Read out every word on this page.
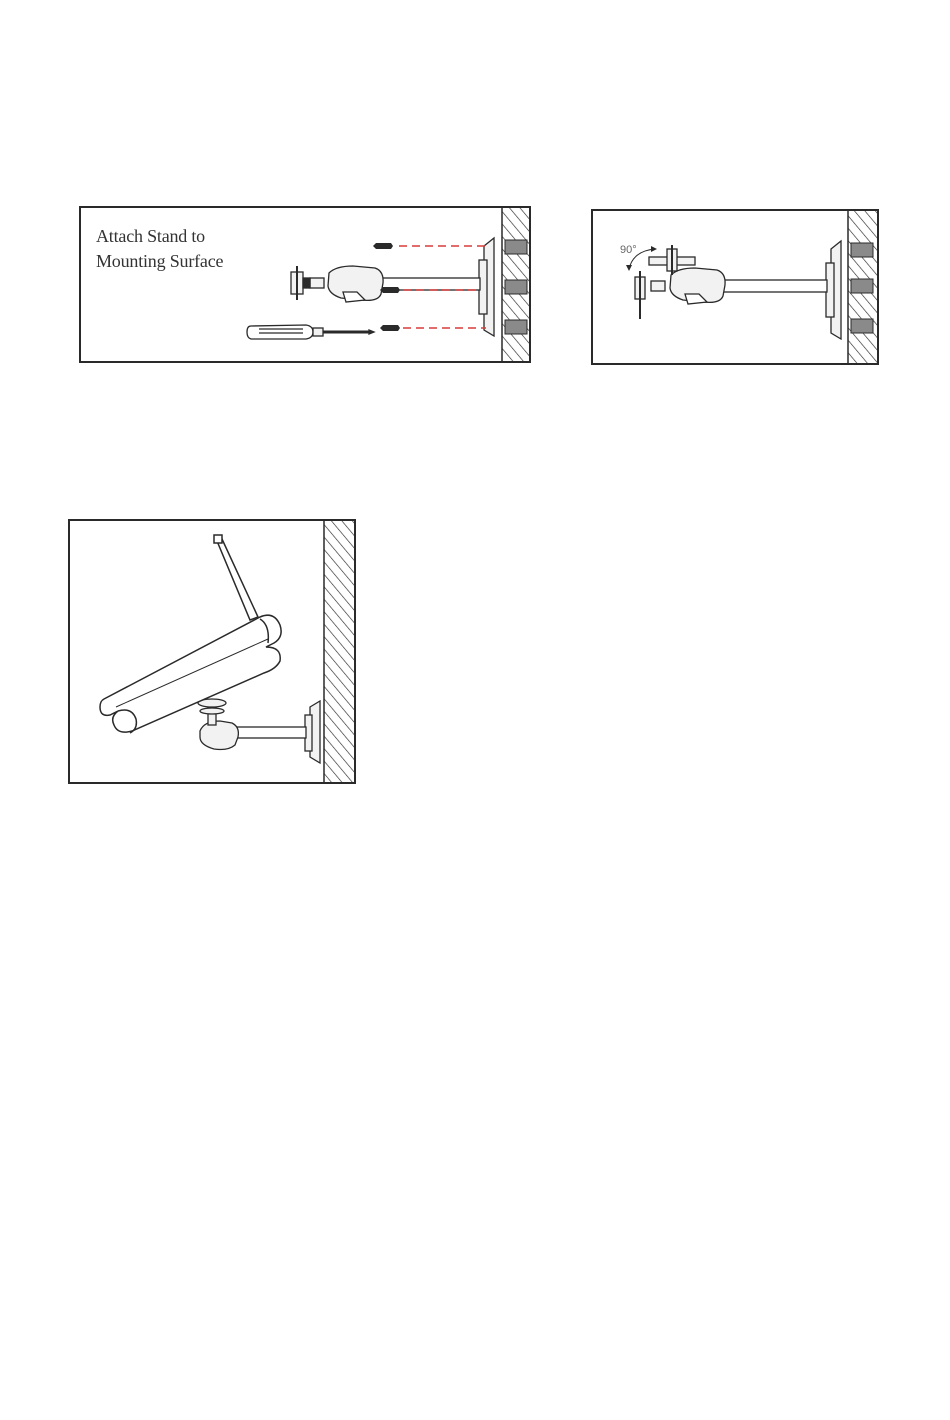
Attach Stand to
Mounting Surface
90°
